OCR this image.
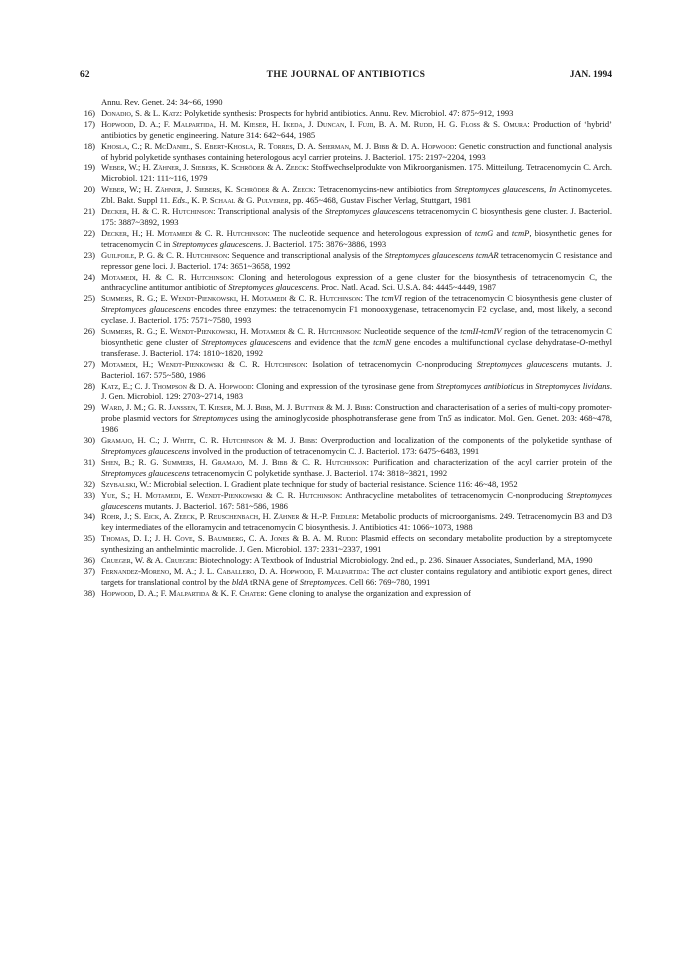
62	THE JOURNAL OF ANTIBIOTICS	JAN. 1994

Annu. Rev. Genet. 24: 34~66, 1990

16) Donadio, S. & L. Katz: Polyketide synthesis: Prospects for hybrid antibiotics. Annu. Rev. Microbiol. 47: 875~912, 1993

17) Hopwood, D. A.; F. Malpartida, H. M. Kieser, H. Ikeda, J. Duncan, I. Fujii, B. A. M. Rudd, H. G. Floss & S. Omura: Production of ‘hybrid’ antibiotics by genetic engineering. Nature 314: 642~644, 1985

18) Khosla, C.; R. McDaniel, S. Ebert-Khosla, R. Torres, D. A. Sherman, M. J. Bibb & D. A. Hopwood: Genetic construction and functional analysis of hybrid polyketide synthases containing heterologous acyl carrier proteins. J. Bacteriol. 175: 2197~2204, 1993

19) Weber, W.; H. Zähner, J. Siebers, K. Schröder & A. Zeeck: Stoffwechselprodukte von Mikroorganismen. 175. Mitteilung. Tetracenomycin C. Arch. Microbiol. 121: 111~116, 1979

20) Weber, W.; H. Zähner, J. Siebers, K. Schröder & A. Zeeck: Tetracenomycins-new antibiotics from Streptomyces glaucescens, In Actinomycetes. Zbl. Bakt. Suppl 11. Eds., K. P. Schaal & G. Pulverer, pp. 465~468, Gustav Fischer Verlag, Stuttgart, 1981

21) Decker, H. & C. R. Hutchinson: Transcriptional analysis of the Streptomyces glaucescens tetracenomycin C biosynthesis gene cluster. J. Bacteriol. 175: 3887~3892, 1993

22) Decker, H.; H. Motamedi & C. R. Hutchinson: The nucleotide sequence and heterologous expression of tcmG and tcmP, biosynthetic genes for tetracenomycin C in Streptomyces glaucescens. J. Bacteriol. 175: 3876~3886, 1993

23) Guilfoile, P. G. & C. R. Hutchinson: Sequence and transcriptional analysis of the Streptomyces glaucescens tcmAR tetracenomycin C resistance and repressor gene loci. J. Bacteriol. 174: 3651~3658, 1992

24) Motamedi, H. & C. R. Hutchinson: Cloning and heterologous expression of a gene cluster for the biosynthesis of tetracenomycin C, the anthracycline antitumor antibiotic of Streptomyces glaucescens. Proc. Natl. Acad. Sci. U.S.A. 84: 4445~4449, 1987

25) Summers, R. G.; E. Wendt-Pienkowski, H. Motamedi & C. R. Hutchinson: The tcmVI region of the tetracenomycin C biosynthesis gene cluster of Streptomyces glaucescens encodes three enzymes: the tetracenomycin F1 monooxygenase, tetracenomycin F2 cyclase, and, most likely, a second cyclase. J. Bacteriol. 175: 7571~7580, 1993

26) Summers, R. G.; E. Wendt-Pienkowski, H. Motamedi & C. R. Hutchinson: Nucleotide sequence of the tcmII-tcmIV region of the tetracenomycin C biosynthetic gene cluster of Streptomyces glaucescens and evidence that the tcmN gene encodes a multifunctional cyclase dehydratase-O-methyl transferase. J. Bacteriol. 174: 1810~1820, 1992

27) Motamedi, H.; Wendt-Pienkowski & C. R. Hutchinson: Isolation of tetracenomycin C-nonproducing Streptomyces glaucescens mutants. J. Bacteriol. 167: 575~580, 1986

28) Katz, E.; C. J. Thompson & D. A. Hopwood: Cloning and expression of the tyrosinase gene from Streptomyces antibioticus in Streptomyces lividans. J. Gen. Microbiol. 129: 2703~2714, 1983

29) Ward, J. M.; G. R. Janssen, T. Kieser, M. J. Bibb, M. J. Buttner & M. J. Bibb: Construction and characterisation of a series of multi-copy promoter-probe plasmid vectors for Streptomyces using the aminoglycoside phosphotransferase gene from Tn5 as indicator. Mol. Gen. Genet. 203: 468~478, 1986

30) Gramajo, H. C.; J. White, C. R. Hutchinson & M. J. Bibb: Overproduction and localization of the components of the polyketide synthase of Streptomyces glaucescens involved in the production of tetracenomycin C. J. Bacteriol. 173: 6475~6483, 1991

31) Shen, B.; R. G. Summers, H. Gramajo, M. J. Bibb & C. R. Hutchinson: Purification and characterization of the acyl carrier protein of the Streptomyces glaucescens tetracenomycin C polyketide synthase. J. Bacteriol. 174: 3818~3821, 1992

32) Szybalski, W.: Microbial selection. I. Gradient plate technique for study of bacterial resistance. Science 116: 46~48, 1952

33) Yue, S.; H. Motamedi, E. Wendt-Pienkowski & C. R. Hutchinson: Anthracycline metabolites of tetracenomycin C-nonproducing Streptomyces glaucescens mutants. J. Bacteriol. 167: 581~586, 1986

34) Rohr, J.; S. Eick, A. Zeeck, P. Reuschenbach, H. Zähner & H.-P. Fiedler: Metabolic products of microorganisms. 249. Tetracenomycin B3 and D3 key intermediates of the elloramycin and tetracenomycin C biosynthesis. J. Antibiotics 41: 1066~1073, 1988

35) Thomas, D. I.; J. H. Cove, S. Baumberg, C. A. Jones & B. A. M. Rudd: Plasmid effects on secondary metabolite production by a streptomycete synthesizing an anthelmintic macrolide. J. Gen. Microbiol. 137: 2331~2337, 1991

36) Crueger, W. & A. Crueger: Biotechnology: A Textbook of Industrial Microbiology. 2nd ed., p. 236. Sinauer Associates, Sunderland, MA, 1990

37) Fernandez-Moreno, M. A.; J. L. Caballero, D. A. Hopwood, F. Malpartida: The act cluster contains regulatory and antibiotic export genes, direct targets for translational control by the bldA tRNA gene of Streptomyces. Cell 66: 769~780, 1991

38) Hopwood, D. A.; F. Malpartida & K. F. Chater: Gene cloning to analyse the organization and expression of
